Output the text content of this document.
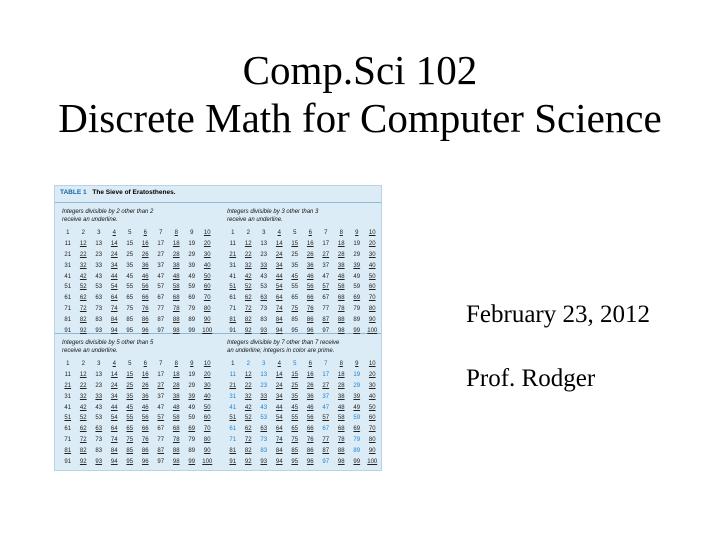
Comp.Sci 102
Discrete Math for Computer Science
TABLE 1 The Sieve of Eratosthenes.
Integers divisible by 2 other than 2
receive an underline.
1	2	3	4	5	6	7	8	9	10
11	12	13	14	15	16	17	18	19	20
21	22	23	24	25	26	27	28	29	30
31	32	33	34	35	36	37	38	39	40
41	42	43	44	45	46	47	48	49	50
51	52	53	54	55	56	57	58	59	60
61	62	63	64	65	66	67	68	69	70
71	72	73	74	75	76	77	78	79	80
81	82	83	84	85	86	87	88	89	90
91	92	93	94	95	96	97	98	99	100
Integers divisible by 3 other than 3
receive an underline.
1	2	3	4	5	6	7	8	9	10
11	12	13	14	15	16	17	18	19	20
21	22	23	24	25	26	27	28	29	30
31	32	33	34	35	36	37	38	39	40
41	42	43	44	45	46	47	48	49	50
51	52	53	54	55	56	57	58	59	60
61	62	63	64	65	66	67	68	69	70
71	72	73	74	75	76	77	78	79	80
81	82	83	84	85	86	87	88	89	90
91	92	93	94	95	96	97	98	99	100
Integers divisible by 5 other than 5
receive an underline.
1	2	3	4	5	6	7	8	9	10
11	12	13	14	15	16	17	18	19	20
21	22	23	24	25	26	27	28	29	30
31	32	33	34	35	36	37	38	39	40
41	42	43	44	45	46	47	48	49	50
51	52	53	54	55	56	57	58	59	60
61	62	63	64	65	66	67	68	69	70
71	72	73	74	75	76	77	78	79	80
81	82	83	84	85	86	87	88	89	90
91	92	93	94	95	96	97	98	99	100
Integers divisible by 7 other than 7 receive
an underline; integers in color are prime.
1	2	3	4	5	6	7	8	9	10
11	12	13	14	15	16	17	18	19	20
21	22	23	24	25	26	27	28	29	30
31	32	33	34	35	36	37	38	39	40
41	42	43	44	45	46	47	48	49	50
51	52	53	54	55	56	57	58	59	60
61	62	63	64	65	66	67	68	69	70
71	72	73	74	75	76	77	78	79	80
81	82	83	84	85	86	87	88	89	90
91	92	93	94	95	96	97	98	99	100
February 23, 2012
Prof. Rodger
